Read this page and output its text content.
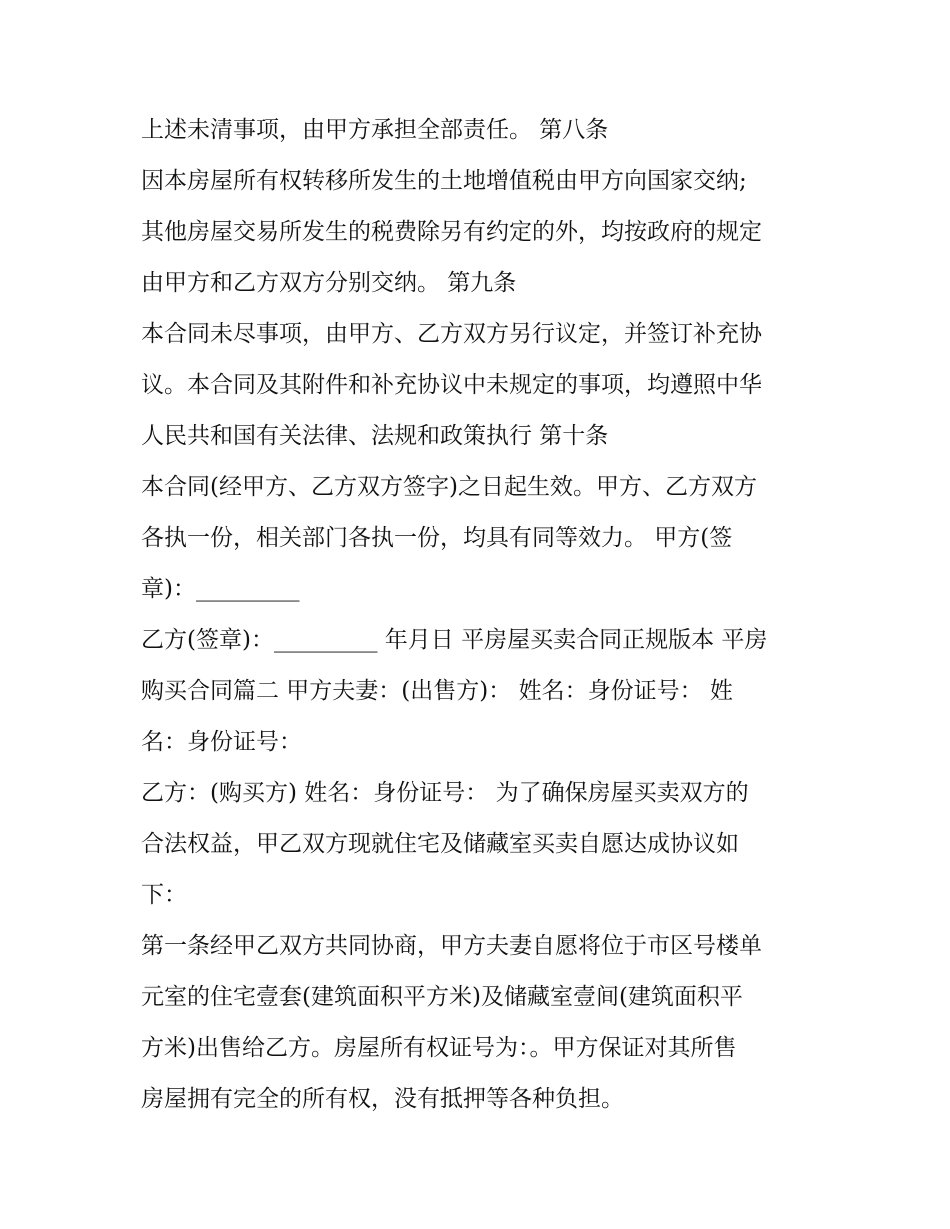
上述未清事项，由甲方承担全部责任。 第八条
因本房屋所有权转移所发生的土地增值税由甲方向国家交纳;
其他房屋交易所发生的税费除另有约定的外，均按政府的规定
由甲方和乙方双方分别交纳。 第九条
本合同未尽事项，由甲方、乙方双方另行议定，并签订补充协
议。本合同及其附件和补充协议中未规定的事项，均遵照中华
人民共和国有关法律、法规和政策执行 第十条
本合同(经甲方、乙方双方签字)之日起生效。甲方、乙方双方
各执一份，相关部门各执一份，均具有同等效力。 甲方(签
章)：_________
乙方(签章)：_________ 年月日 平房屋买卖合同正规版本 平房
购买合同篇二 甲方夫妻：(出售方)： 姓名：身份证号： 姓
名：身份证号：
乙方：(购买方) 姓名：身份证号： 为了确保房屋买卖双方的
合法权益，甲乙双方现就住宅及储藏室买卖自愿达成协议如
下：
第一条经甲乙双方共同协商，甲方夫妻自愿将位于市区号楼单
元室的住宅壹套(建筑面积平方米)及储藏室壹间(建筑面积平
方米)出售给乙方。房屋所有权证号为：。甲方保证对其所售
房屋拥有完全的所有权，没有抵押等各种负担。
